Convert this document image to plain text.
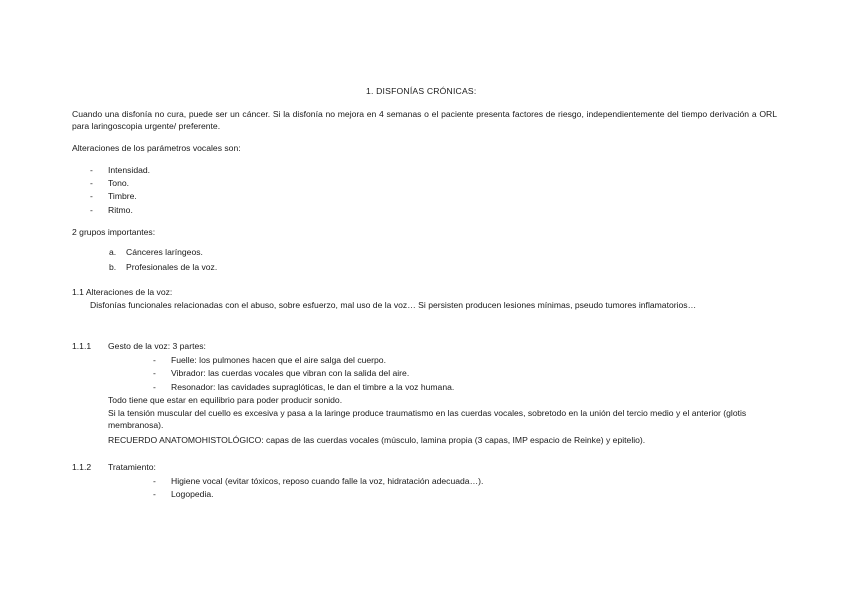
1. DISFONÍAS CRÓNICAS:
Cuando una disfonía no cura, puede ser un cáncer. Si la disfonía no mejora en 4 semanas o el paciente presenta factores de riesgo, independientemente del tiempo derivación a ORL para laringoscopia urgente/ preferente.
Alteraciones de los parámetros vocales son:
- Intensidad.
- Tono.
- Timbre.
- Ritmo.
2 grupos importantes:
a. Cánceres laríngeos.
b. Profesionales de la voz.
1.1 Alteraciones de la voz:
Disfonías funcionales relacionadas con el abuso, sobre esfuerzo, mal uso de la voz… Si persisten producen lesiones mínimas, pseudo tumores inflamatorios…
1.1.1 Gesto de la voz: 3 partes:
- Fuelle: los pulmones hacen que el aire salga del cuerpo.
- Vibrador: las cuerdas vocales que vibran con la salida del aire.
- Resonador: las cavidades supraglóticas, le dan el timbre a la voz humana.
Todo tiene que estar en equilibrio para poder producir sonido.
Si la tensión muscular del cuello es excesiva y pasa a la laringe produce traumatismo en las cuerdas vocales, sobretodo en la unión del tercio medio y el anterior (glotis membranosa).
RECUERDO ANATOMOHISTOLÓGICO: capas de las cuerdas vocales (músculo, lamina propia (3 capas, IMP espacio de Reinke) y epitelio).
1.1.2 Tratamiento:
- Higiene vocal (evitar tóxicos, reposo cuando falle la voz, hidratación adecuada…).
- Logopedia.
